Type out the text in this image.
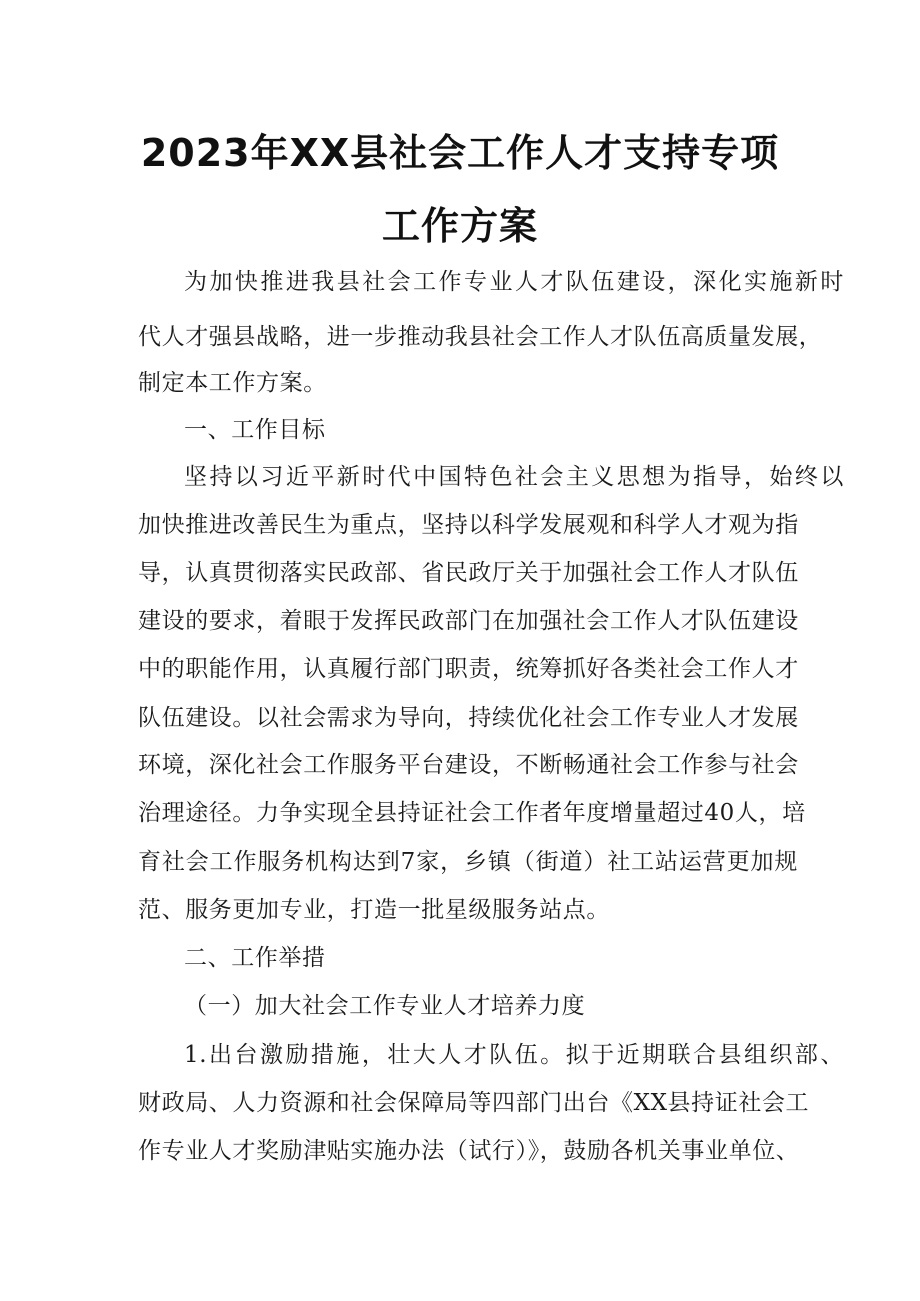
2023年XX县社会工作人才支持专项
工作方案
为加快推进我县社会工作专业人才队伍建设，深化实施新时
代人才强县战略，进一步推动我县社会工作人才队伍高质量发展，
制定本工作方案。
一、工作目标
坚持以习近平新时代中国特色社会主义思想为指导，始终以
加快推进改善民生为重点，坚持以科学发展观和科学人才观为指
导，认真贯彻落实民政部、省民政厅关于加强社会工作人才队伍
建设的要求，着眼于发挥民政部门在加强社会工作人才队伍建设
中的职能作用，认真履行部门职责，统筹抓好各类社会工作人才
队伍建设。以社会需求为导向，持续优化社会工作专业人才发展
环境，深化社会工作服务平台建设，不断畅通社会工作参与社会
治理途径。力争实现全县持证社会工作者年度增量超过40人，培
育社会工作服务机构达到7家，乡镇（街道）社工站运营更加规
范、服务更加专业，打造一批星级服务站点。
二、工作举措
（一）加大社会工作专业人才培养力度
1.出台激励措施，壮大人才队伍。拟于近期联合县组织部、
财政局、人力资源和社会保障局等四部门出台《XX县持证社会工
作专业人才奖励津贴实施办法（试行）》，鼓励各机关事业单位、
